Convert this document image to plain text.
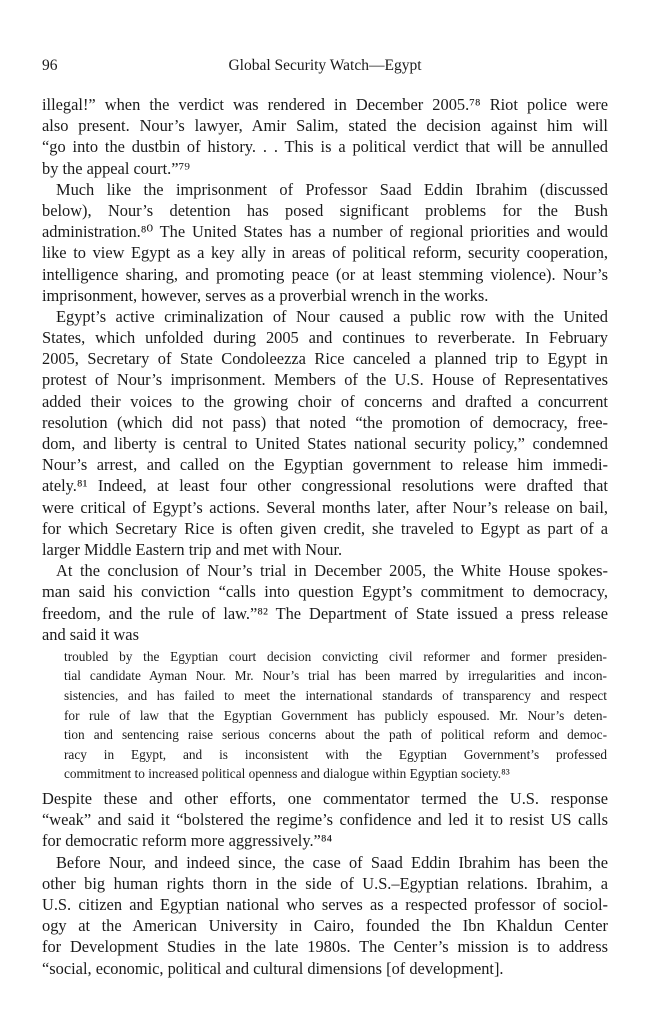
96	Global Security Watch—Egypt
illegal!” when the verdict was rendered in December 2005.⁷⁸ Riot police were
also present. Nour’s lawyer, Amir Salim, stated the decision against him will
“go into the dustbin of history. . . This is a political verdict that will be annulled
by the appeal court.”⁷⁹
Much like the imprisonment of Professor Saad Eddin Ibrahim (discussed
below), Nour’s detention has posed significant problems for the Bush
administration.⁸⁰ The United States has a number of regional priorities and would
like to view Egypt as a key ally in areas of political reform, security cooperation,
intelligence sharing, and promoting peace (or at least stemming violence). Nour’s
imprisonment, however, serves as a proverbial wrench in the works.
Egypt’s active criminalization of Nour caused a public row with the United
States, which unfolded during 2005 and continues to reverberate. In February
2005, Secretary of State Condoleezza Rice canceled a planned trip to Egypt in
protest of Nour’s imprisonment. Members of the U.S. House of Representatives
added their voices to the growing choir of concerns and drafted a concurrent
resolution (which did not pass) that noted “the promotion of democracy, free-
dom, and liberty is central to United States national security policy,” condemned
Nour’s arrest, and called on the Egyptian government to release him immedi-
ately.⁸¹ Indeed, at least four other congressional resolutions were drafted that
were critical of Egypt’s actions. Several months later, after Nour’s release on bail,
for which Secretary Rice is often given credit, she traveled to Egypt as part of a
larger Middle Eastern trip and met with Nour.
At the conclusion of Nour’s trial in December 2005, the White House spokes-
man said his conviction “calls into question Egypt’s commitment to democracy,
freedom, and the rule of law.”⁸² The Department of State issued a press release
and said it was
troubled by the Egyptian court decision convicting civil reformer and former presiden-
tial candidate Ayman Nour. Mr. Nour’s trial has been marred by irregularities and incon-
sistencies, and has failed to meet the international standards of transparency and respect
for rule of law that the Egyptian Government has publicly espoused. Mr. Nour’s deten-
tion and sentencing raise serious concerns about the path of political reform and democ-
racy in Egypt, and is inconsistent with the Egyptian Government’s professed
commitment to increased political openness and dialogue within Egyptian society.⁸³
Despite these and other efforts, one commentator termed the U.S. response
“weak” and said it “bolstered the regime’s confidence and led it to resist US calls
for democratic reform more aggressively.”⁸⁴
Before Nour, and indeed since, the case of Saad Eddin Ibrahim has been the
other big human rights thorn in the side of U.S.–Egyptian relations. Ibrahim, a
U.S. citizen and Egyptian national who serves as a respected professor of sociol-
ogy at the American University in Cairo, founded the Ibn Khaldun Center
for Development Studies in the late 1980s. The Center’s mission is to address
“social, economic, political and cultural dimensions [of development].
